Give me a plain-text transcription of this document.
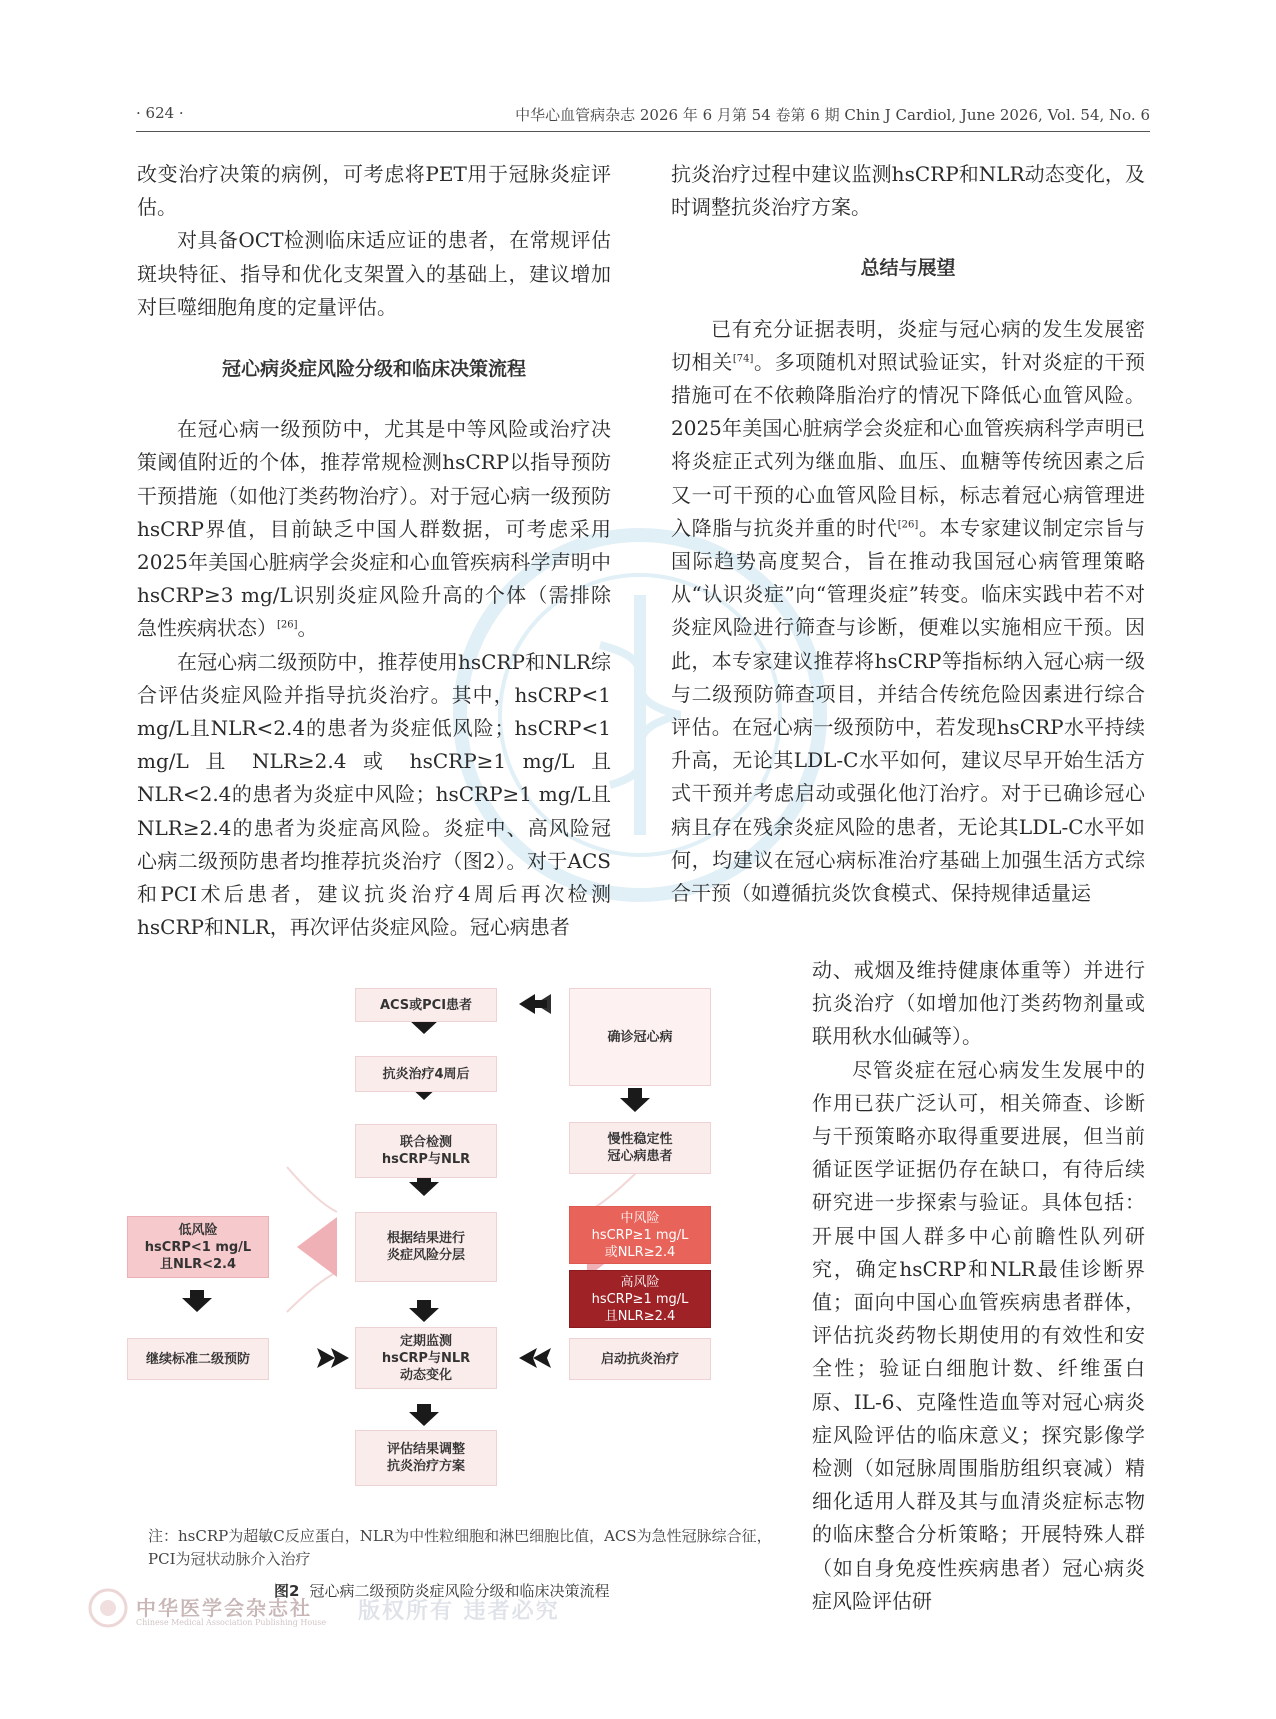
· 624 ·	中华心血管病杂志 2026 年 6 月第 54 卷第 6 期 Chin J Cardiol, June 2026, Vol. 54, No. 6

改变治疗决策的病例，可考虑将PET用于冠脉炎症评估。

对具备OCT检测临床适应证的患者，在常规评估斑块特征、指导和优化支架置入的基础上，建议增加对巨噬细胞角度的定量评估。

冠心病炎症风险分级和临床决策流程

在冠心病一级预防中，尤其是中等风险或治疗决策阈值附近的个体，推荐常规检测hsCRP以指导预防干预措施（如他汀类药物治疗）。对于冠心病一级预防hsCRP界值，目前缺乏中国人群数据，可考虑采用2025年美国心脏病学会炎症和心血管疾病科学声明中hsCRP≥3 mg/L识别炎症风险升高的个体（需排除急性疾病状态）[26]。

在冠心病二级预防中，推荐使用hsCRP和NLR综合评估炎症风险并指导抗炎治疗。其中，hsCRP<1 mg/L且NLR<2.4的患者为炎症低风险；hsCRP<1 mg/L 且 NLR≥2.4 或 hsCRP≥1 mg/L 且NLR<2.4的患者为炎症中风险；hsCRP≥1 mg/L且NLR≥2.4的患者为炎症高风险。炎症中、高风险冠心病二级预防患者均推荐抗炎治疗（图2）。对于ACS和PCI术后患者，建议抗炎治疗4周后再次检测hsCRP和NLR，再次评估炎症风险。冠心病患者

抗炎治疗过程中建议监测hsCRP和NLR动态变化，及时调整抗炎治疗方案。

总结与展望

已有充分证据表明，炎症与冠心病的发生发展密切相关[74]。多项随机对照试验证实，针对炎症的干预措施可在不依赖降脂治疗的情况下降低心血管风险。2025年美国心脏病学会炎症和心血管疾病科学声明已将炎症正式列为继血脂、血压、血糖等传统因素之后又一可干预的心血管风险目标，标志着冠心病管理进入降脂与抗炎并重的时代[26]。本专家建议制定宗旨与国际趋势高度契合，旨在推动我国冠心病管理策略从“认识炎症”向“管理炎症”转变。临床实践中若不对炎症风险进行筛查与诊断，便难以实施相应干预。因此，本专家建议推荐将hsCRP等指标纳入冠心病一级与二级预防筛查项目，并结合传统危险因素进行综合评估。在冠心病一级预防中，若发现hsCRP水平持续升高，无论其LDL-C水平如何，建议尽早开始生活方式干预并考虑启动或强化他汀治疗。对于已确诊冠心病且存在残余炎症风险的患者，无论其LDL-C水平如何，均建议在冠心病标准治疗基础上加强生活方式综合干预（如遵循抗炎饮食模式、保持规律适量运

动、戒烟及维持健康体重等）并进行抗炎治疗（如增加他汀类药物剂量或联用秋水仙碱等）。

尽管炎症在冠心病发生发展中的作用已获广泛认可，相关筛查、诊断与干预策略亦取得重要进展，但当前循证医学证据仍存在缺口，有待后续研究进一步探索与验证。具体包括：开展中国人群多中心前瞻性队列研究，确定hsCRP和NLR最佳诊断界值；面向中国心血管疾病患者群体，评估抗炎药物长期使用的有效性和安全性；验证白细胞计数、纤维蛋白原、IL-6、克隆性造血等对冠心病炎症风险评估的临床意义；探究影像学检测（如冠脉周围脂肪组织衰减）精细化适用人群及其与血清炎症标志物的临床整合分析策略；开展特殊人群（如自身免疫性疾病患者）冠心病炎症风险评估研

ACS或PCI患者
抗炎治疗4周后
联合检测
hsCRP与NLR
根据结果进行
炎症风险分层
定期监测
hsCRP与NLR
动态变化
评估结果调整
抗炎治疗方案
确诊冠心病
慢性稳定性
冠心病患者
中风险
hsCRP≥1 mg/L
或NLR≥2.4
高风险
hsCRP≥1 mg/L
且NLR≥2.4
启动抗炎治疗
低风险
hsCRP<1 mg/L
且NLR<2.4
继续标准二级预防
注：hsCRP为超敏C反应蛋白，NLR为中性粒细胞和淋巴细胞比值，ACS为急性冠脉综合征，PCI为冠状动脉介入治疗
图2 冠心病二级预防炎症风险分级和临床决策流程
中华医学会杂志社
Chinese Medical Association Publishing House 版权所有 违者必究
